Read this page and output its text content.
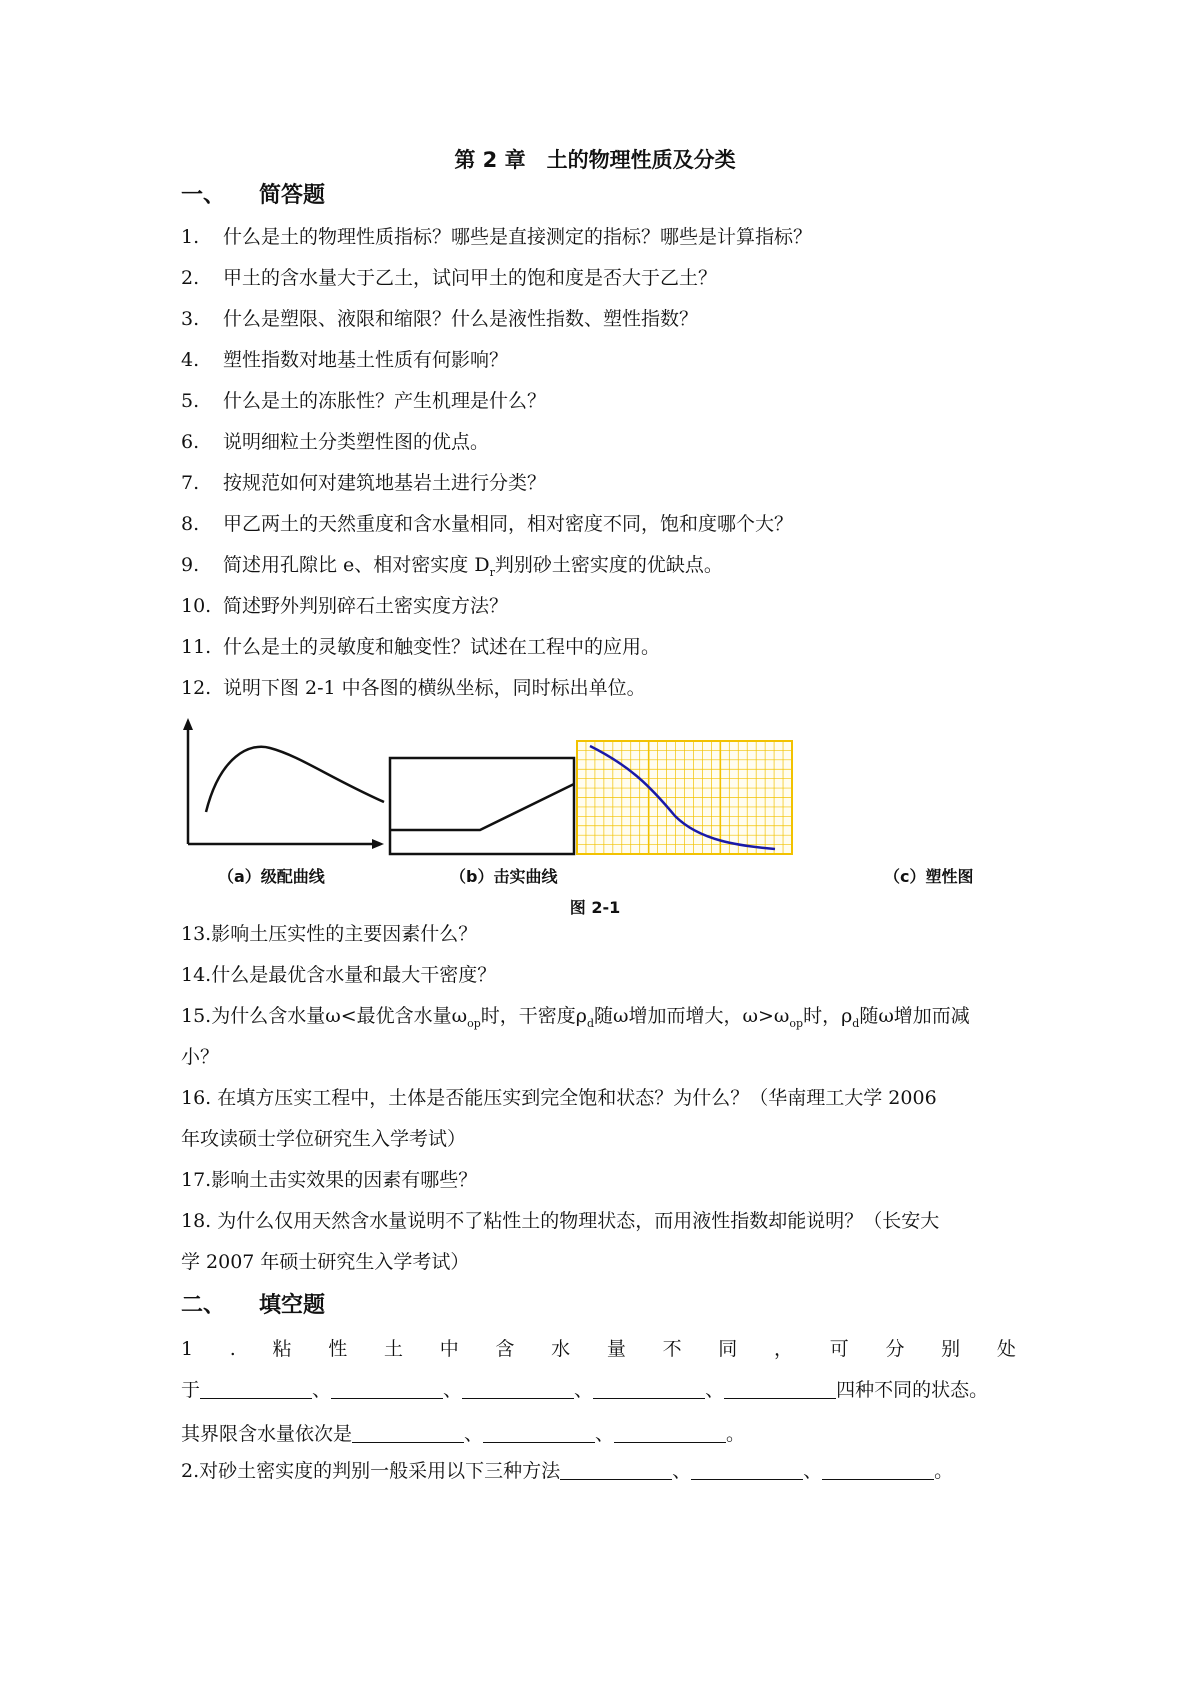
第 2 章　土的物理性质及分类
一、 简答题
1. 什么是土的物理性质指标？哪些是直接测定的指标？哪些是计算指标？
2. 甲土的含水量大于乙土，试问甲土的饱和度是否大于乙土？
3. 什么是塑限、液限和缩限？什么是液性指数、塑性指数？
4. 塑性指数对地基土性质有何影响？
5. 什么是土的冻胀性？产生机理是什么？
6. 说明细粒土分类塑性图的优点。
7. 按规范如何对建筑地基岩土进行分类？
8. 甲乙两土的天然重度和含水量相同，相对密度不同，饱和度哪个大？
9. 简述用孔隙比 e、相对密实度 $D_r$判别砂土密实度的优缺点。
10. 简述野外判别碎石土密实度方法？
11. 什么是土的灵敏度和触变性？试述在工程中的应用。
12. 说明下图 2-1 中各图的横纵坐标，同时标出单位。
（a）级配曲线	（b）击实曲线	（c）塑性图
图 2-1
13.影响土压实性的主要因素什么？
14.什么是最优含水量和最大干密度？
15.为什么含水量ω<最优含水量$\omega_{op}$时，干密度$\rho_d$随ω增加而增大，$\omega>\omega_{op}$时，$\rho_d$随ω增加而减
小？
16. 在填方压实工程中，土体是否能压实到完全饱和状态？为什么？（华南理工大学 2006
年攻读硕士学位研究生入学考试）
17.影响土击实效果的因素有哪些？
18. 为什么仅用天然含水量说明不了粘性土的物理状态，而用液性指数却能说明？（长安大
学 2007 年硕士研究生入学考试）
二、 填空题
1 . 粘 性 土 中 含 水 量 不 同 ， 可 分 别 处
于	、	、	、	、	四种不同的状态。
其界限含水量依次是	、	、	。
2.对砂土密实度的判别一般采用以下三种方法	、	、	。
